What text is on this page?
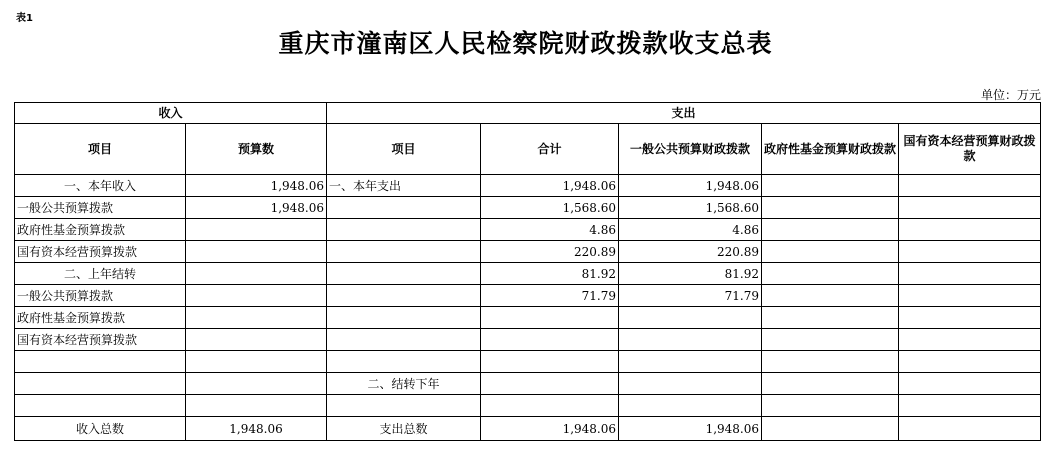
表1
重庆市潼南区人民检察院财政拨款收支总表
单位：万元
收入		支出				
项目	预算数	项目	合计	一般公共预算财政拨款	政府性基金预算财政拨款	国有资本经营预算财政拨款
一、本年收入	1,948.06	一、本年支出	1,948.06	1,948.06		
一般公共预算拨款	1,948.06		1,568.60	1,568.60		
政府性基金预算拨款			4.86	4.86		
国有资本经营预算拨款			220.89	220.89		
二、上年结转			81.92	81.92		
一般公共预算拨款			71.79	71.79		
政府性基金预算拨款						
国有资本经营预算拨款						

		二、结转下年				

收入总数	1,948.06	支出总数	1,948.06	1,948.06		
